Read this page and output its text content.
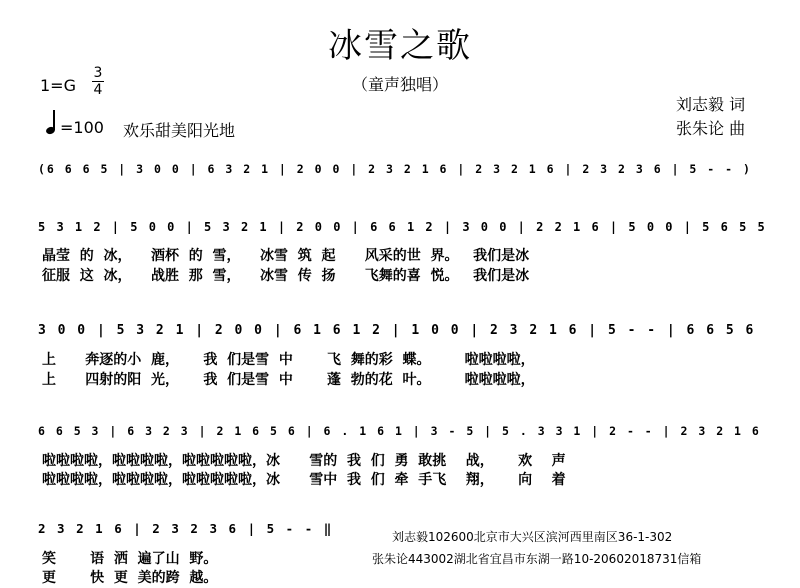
冰雪之歌
（童声独唱）
1=G
3
4
=100 欢乐甜美阳光地
刘志毅 词
张朱论 曲
(6 6 6 5 | 3 0 0 | 6 3 2 1 | 2 0 0 | 2 3 2 1 6 | 2 3 2 1 6 | 2 3 2 3 6 | 5 - - )
5 3 1 2 | 5 0 0 | 5 3 2 1 | 2 0 0 | 6 6 1 2 | 3 0 0 | 2 2 1 6 | 5 0 0 | 5 6 5 5
晶莹  的  冰，    酒杯  的  雪，    冰雪  筑  起      风采的世  界。   我们是冰
征服  这  冰，    战胜  那  雪，    冰雪  传  扬      飞舞的喜  悦。   我们是冰
3 0 0 | 5 3 2 1 | 2 0 0 | 6 1 6 1 2 | 1 0 0 | 2 3 2 1 6 | 5 - - | 6 6 5 6
上      奔逐的小  鹿，     我  们是雪  中       飞  舞的彩  蝶。       啦啦啦啦，
上      四射的阳  光，     我  们是雪  中       蓬  勃的花  叶。       啦啦啦啦，
6 6 5 3 | 6 3 2 3 | 2 1 6 5 6 | 6 . 1 6 1 | 3 - 5 | 5 . 3 3 1 | 2 - - | 2 3 2 1 6
啦啦啦啦，啦啦啦啦，啦啦啦啦啦，冰      雪的  我  们  勇  敢挑    战，     欢    声
啦啦啦啦，啦啦啦啦，啦啦啦啦啦，冰      雪中  我  们  牵  手飞    翔，     向    着
2 3 2 1 6 | 2 3 2 3 6 | 5 - - ‖
笑       语  洒  遍了山  野。
更       快  更  美的跨  越。
刘志毅102600北京市大兴区滨河西里南区36-1-302
张朱论443002湖北省宜昌市东湖一路10-20602018731信箱
